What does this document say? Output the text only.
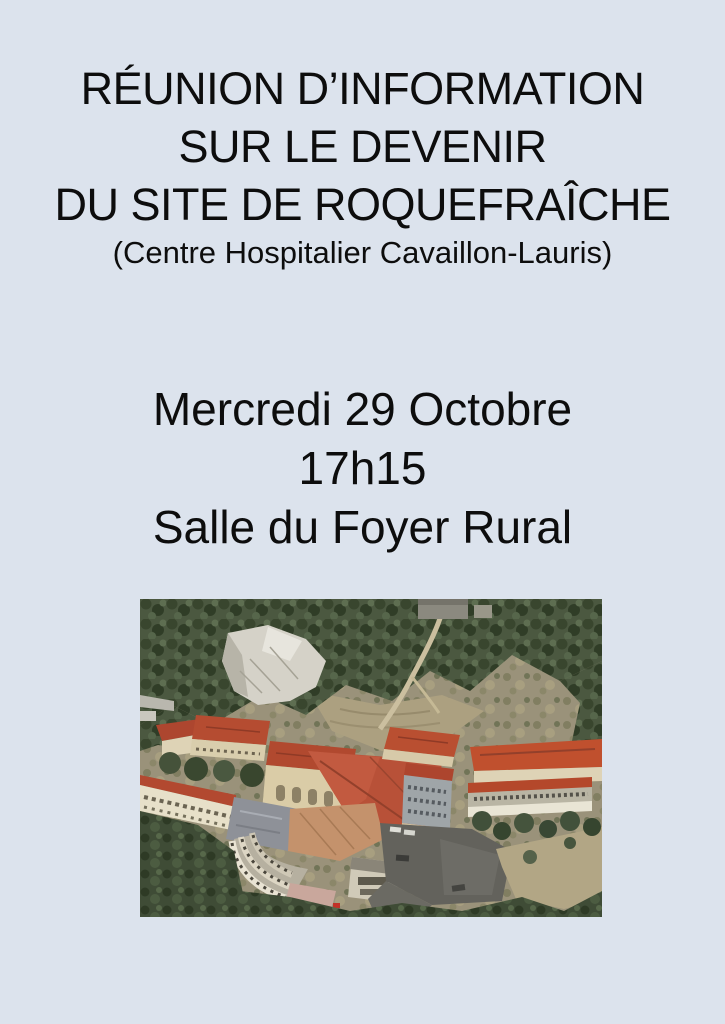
RÉUNION D’INFORMATION
SUR LE DEVENIR
DU SITE DE ROQUEFRAÎCHE

(Centre Hospitalier Cavaillon-Lauris)

Mercredi 29 Octobre
17h15
Salle du Foyer Rural
